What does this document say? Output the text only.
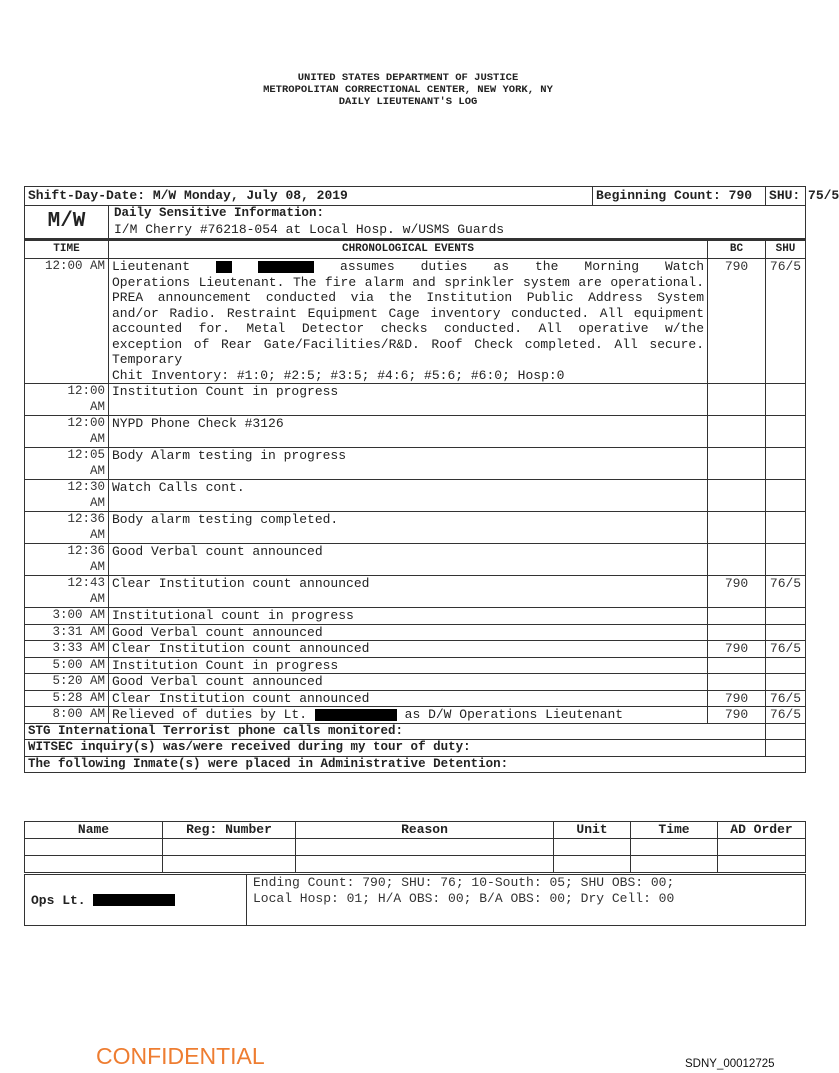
UNITED STATES DEPARTMENT OF JUSTICE
METROPOLITAN CORRECTIONAL CENTER, NEW YORK, NY
DAILY LIEUTENANT'S LOG
Shift-Day-Date: M/W Monday, July 08, 2019		Beginning Count: 790		SHU: 75/5
M/W	Daily Sensitive Information:
I/M Cherry #76218-054 at Local Hosp. w/USMS Guards			

TIME	CHRONOLOGICAL EVENTS		BC	SHU
12:00 AM	Lieutenant assumes duties as the Morning Watch
Operations Lieutenant. The fire alarm and sprinkler system are operational. PREA announcement conducted via the Institution Public Address System and/or Radio. Restraint Equipment Cage inventory conducted. All equipment accounted for. Metal Detector checks conducted. All operative w/the exception of Rear Gate/Facilities/R&D. Roof Check completed. All secure. Temporary
Chit Inventory: #1:0; #2:5; #3:5; #4:6; #5:6; #6:0; Hosp:0		790	76/5
12:00
AM	Institution Count in progress			
12:00
AM	NYPD Phone Check #3126			
12:05
AM	Body Alarm testing in progress			
12:30
AM	Watch Calls cont.			
12:36
AM	Body alarm testing completed.			
12:36
AM	Good Verbal count announced			
12:43
AM	Clear Institution count announced		790	76/5
3:00 AM	Institutional count in progress			
3:31 AM	Good Verbal count announced			
3:33 AM	Clear Institution count announced		790	76/5
5:00 AM	Institution Count in progress			
5:20 AM	Good Verbal count announced			
5:28 AM	Clear Institution count announced		790	76/5
8:00 AM	Relieved of duties by Lt. as D/W Operations Lieutenant		790	76/5
STG International Terrorist phone calls monitored:				
WITSEC inquiry(s) was/were received during my tour of duty:				
The following Inmate(s) were placed in Administrative Detention:				
Name	Reg: Number	Reason	Unit	Time	AD Order

Ops Lt.	
Ending Count: 790; SHU: 76; 10-South: 05; SHU OBS: 00;
Local Hosp: 01; H/A OBS: 00; B/A OBS: 00; Dry Cell: 00
CONFIDENTIAL	SDNY_00012725
